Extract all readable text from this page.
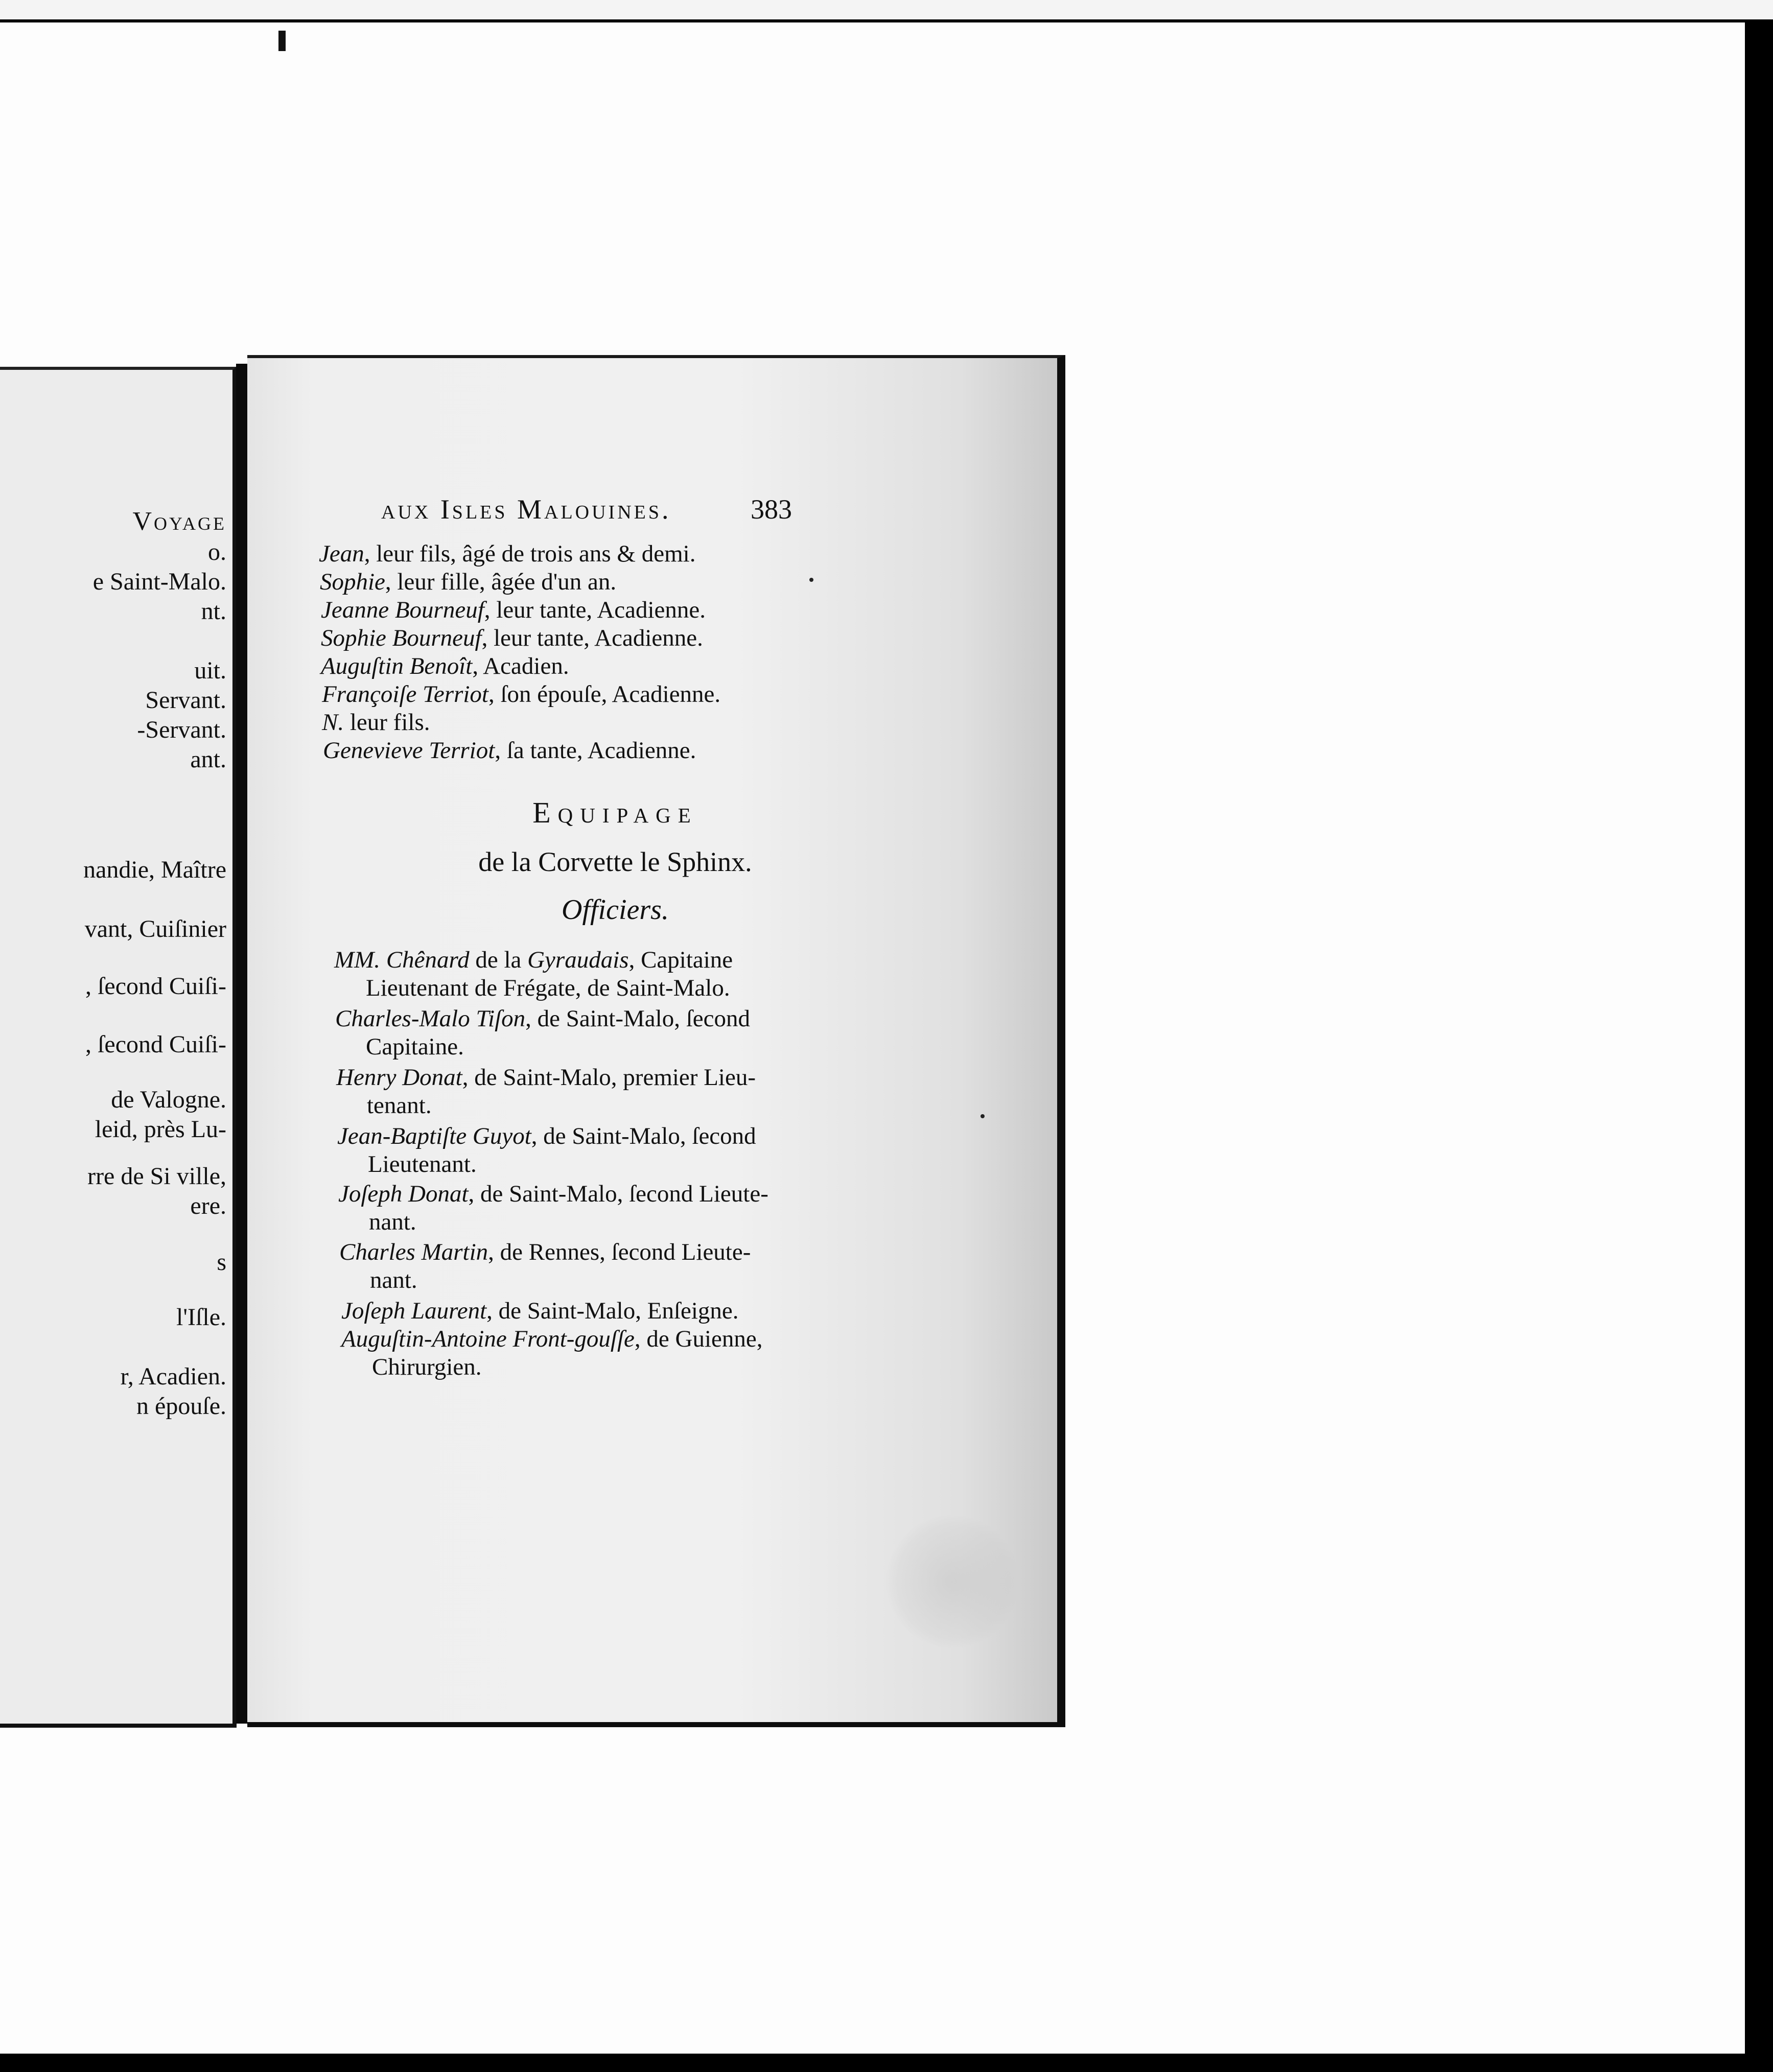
Voyage
o.
e Saint-Malo.
nt.
uit.
Servant.
-Servant.
ant.
nandie, Maître
vant, Cuiſinier
, ſecond Cuiſi-
, ſecond Cuiſi-
de Valogne.
leid, près Lu-
rre de Si ville,
ere.
s
l'Iſle.
r, Acadien.
n épouſe.
aux Isles Malouines.	383
Jean, leur fils, âgé de trois ans & demi.
Sophie, leur fille, âgée d'un an.
Jeanne Bourneuf, leur tante, Acadienne.
Sophie Bourneuf, leur tante, Acadienne.
Auguſtin Benoît, Acadien.
Françoiſe Terriot, ſon épouſe, Acadienne.
N. leur fils.
Genevieve Terriot, ſa tante, Acadienne.
Equipage
de la Corvette le Sphinx.
Officiers.
MM. Chênard de la Gyraudais, Capitaine
Lieutenant de Frégate, de Saint-Malo.
Charles-Malo Tiſon, de Saint-Malo, ſecond
Capitaine.
Henry Donat, de Saint-Malo, premier Lieu-
tenant.
Jean-Baptiſte Guyot, de Saint-Malo, ſecond
Lieutenant.
Joſeph Donat, de Saint-Malo, ſecond Lieute-
nant.
Charles Martin, de Rennes, ſecond Lieute-
nant.
Joſeph Laurent, de Saint-Malo, Enſeigne.
Auguſtin-Antoine Front-gouſſe, de Guienne,
Chirurgien.
